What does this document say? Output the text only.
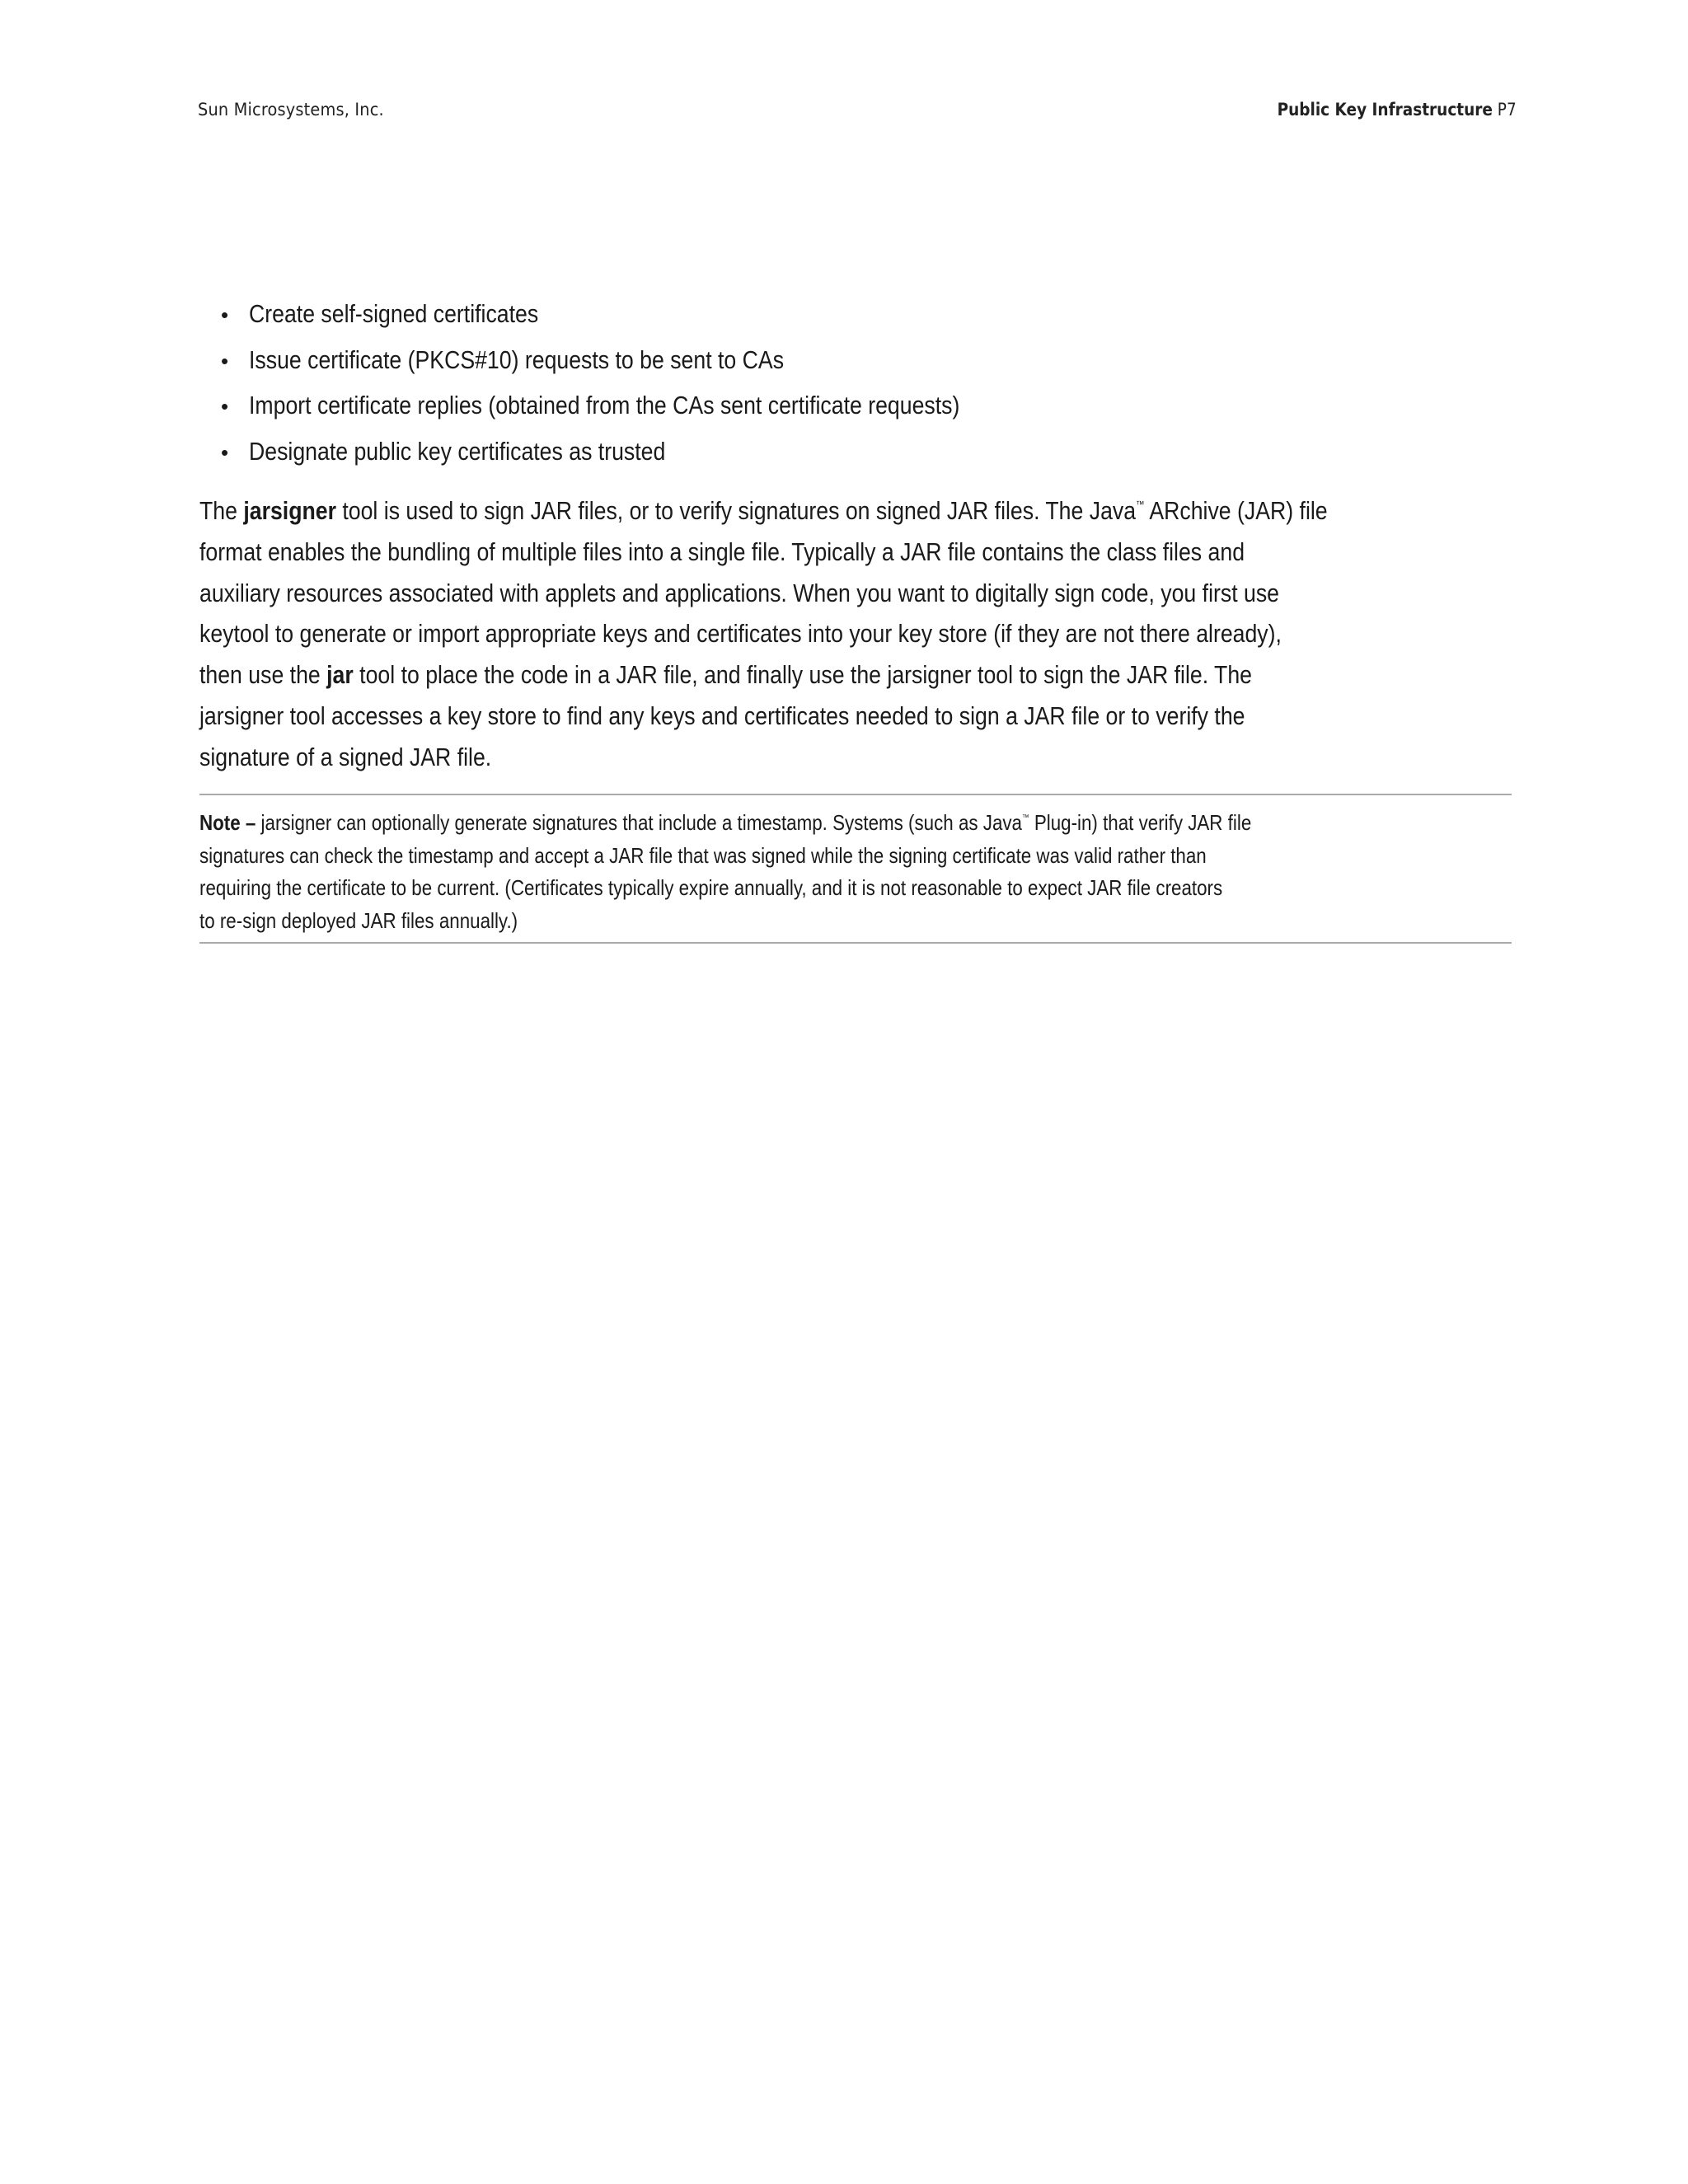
Sun Microsystems, Inc.	Public Key Infrastructure P7
• Create self-signed certificates
• Issue certificate (PKCS#10) requests to be sent to CAs
• Import certificate replies (obtained from the CAs sent certificate requests)
• Designate public key certificates as trusted
The jarsigner tool is used to sign JAR files, or to verify signatures on signed JAR files. The Java™ ARchive (JAR) file
format enables the bundling of multiple files into a single file. Typically a JAR file contains the class files and
auxiliary resources associated with applets and applications. When you want to digitally sign code, you first use
keytool to generate or import appropriate keys and certificates into your key store (if they are not there already),
then use the jar tool to place the code in a JAR file, and finally use the jarsigner tool to sign the JAR file. The
jarsigner tool accesses a key store to find any keys and certificates needed to sign a JAR file or to verify the
signature of a signed JAR file.
Note – jarsigner can optionally generate signatures that include a timestamp. Systems (such as Java™ Plug-in) that verify JAR file
signatures can check the timestamp and accept a JAR file that was signed while the signing certificate was valid rather than
requiring the certificate to be current. (Certificates typically expire annually, and it is not reasonable to expect JAR file creators
to re-sign deployed JAR files annually.)
